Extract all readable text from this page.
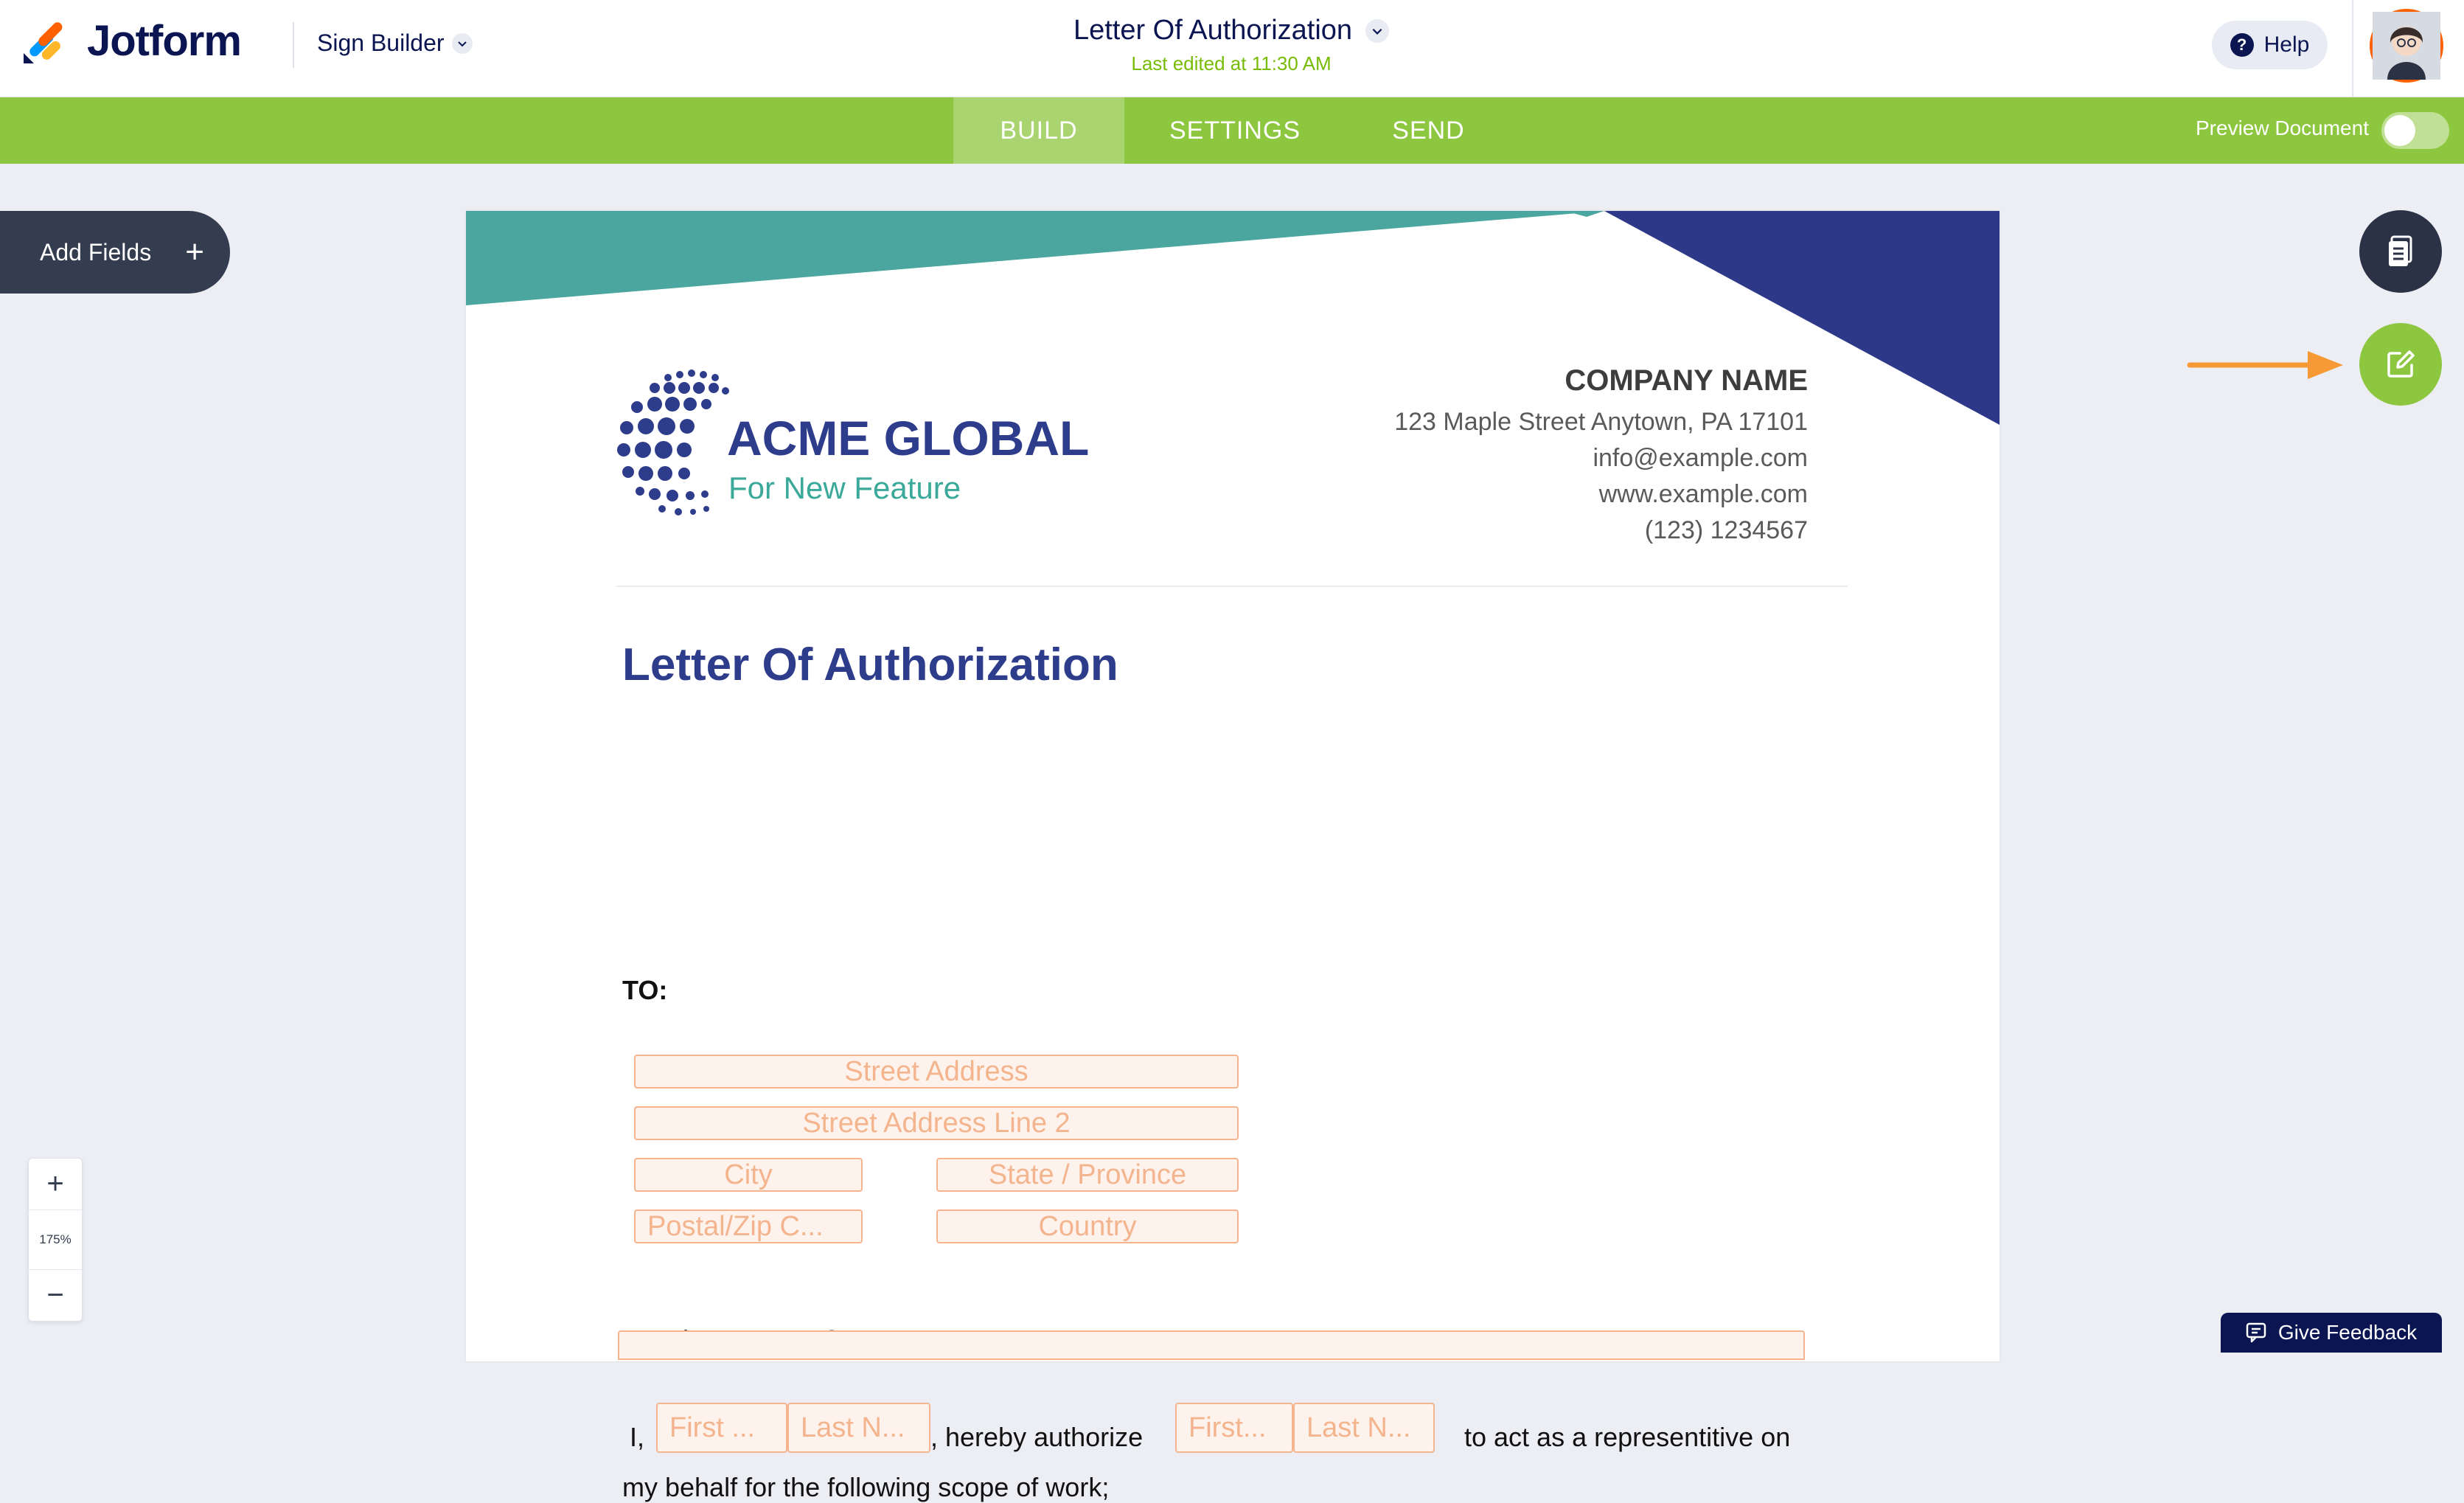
Jotform	Sign Builder	Letter Of Authorization
Last edited at 11:30 AM
? Help
BUILD	SETTINGS	SEND	Preview Document
Add Fields +
+
175%
−
ACME GLOBAL
For New Feature
COMPANY NAME
123 Maple Street Anytown, PA 17101
info@example.com
www.example.com
(123) 1234567
Letter Of Authorization
TO:
Street Address
Street Address Line 2
City	State / Province
Postal/Zip C...	Country
I, First ...	Last N... , hereby authorize	First...	Last N...	to act as a representitive on
my behalf for the following scope of work;
Give Feedback
